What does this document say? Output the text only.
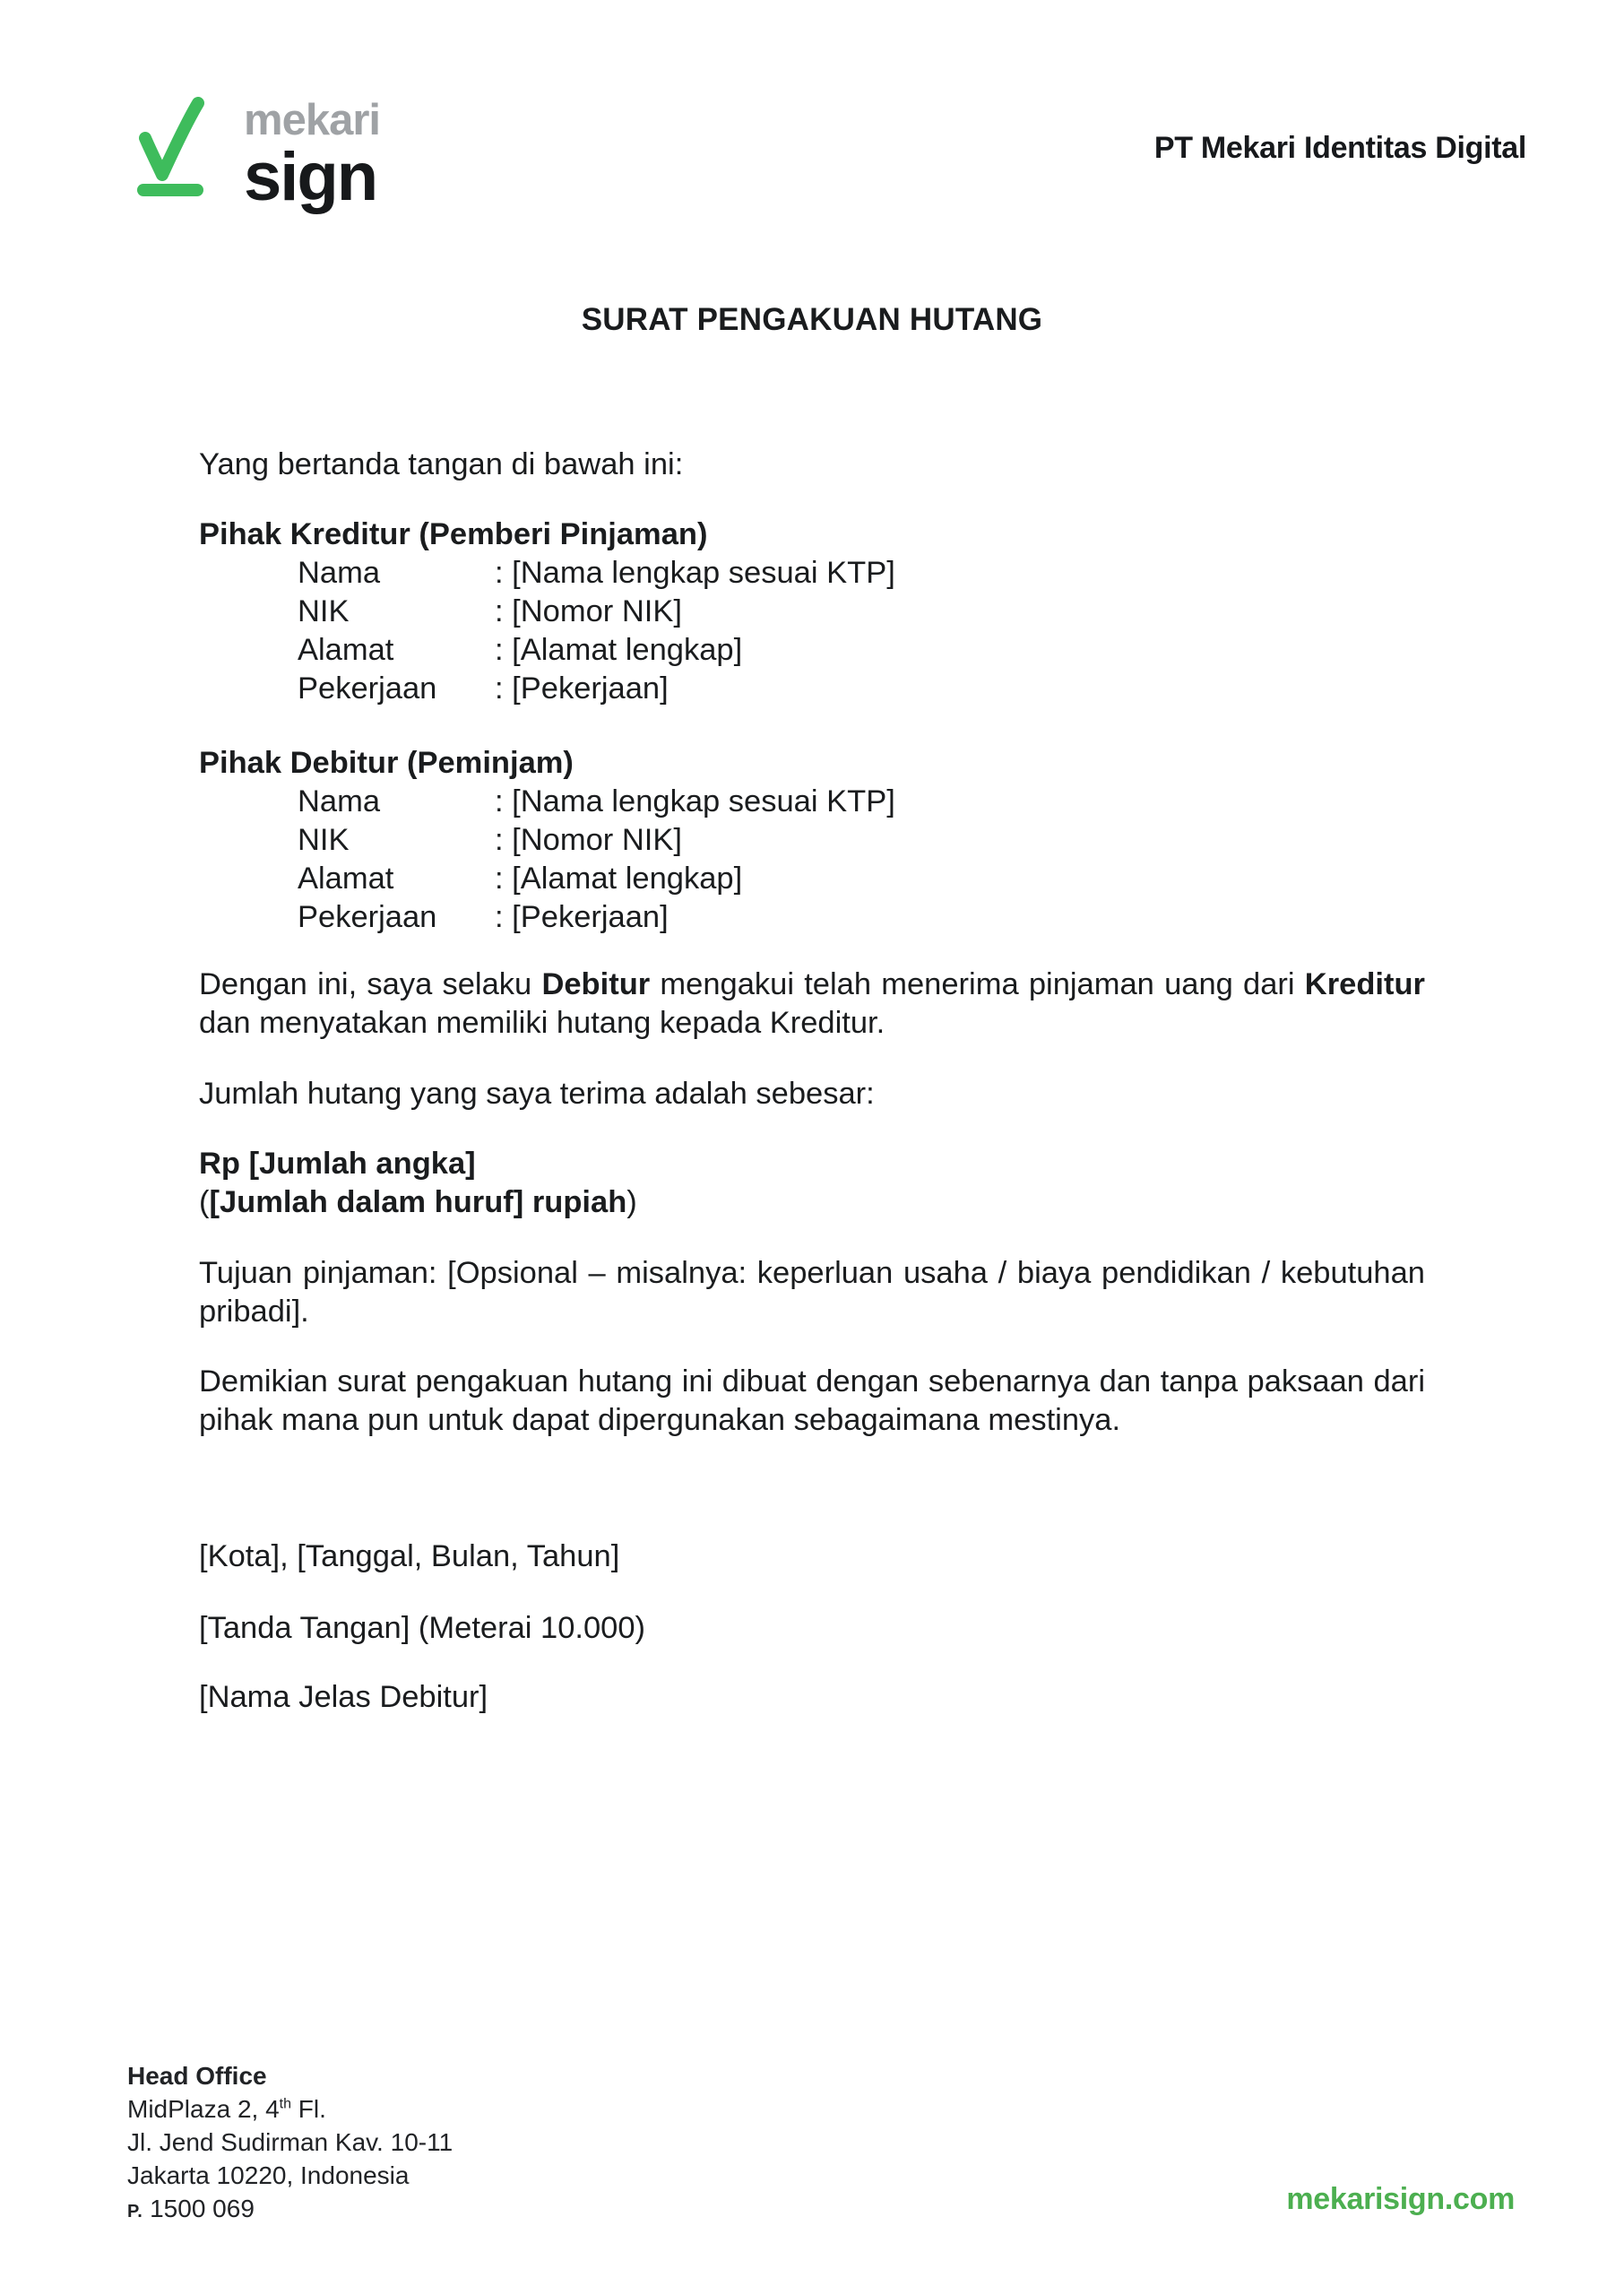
mekari
sign	PT Mekari Identitas Digital
SURAT PENGAKUAN HUTANG

Yang bertanda tangan di bawah ini:

Pihak Kreditur (Pemberi Pinjaman)
Nama	: [Nama lengkap sesuai KTP]
NIK	: [Nomor NIK]
Alamat	: [Alamat lengkap]
Pekerjaan	: [Pekerjaan]
Pihak Debitur (Peminjam)
Nama	: [Nama lengkap sesuai KTP]
NIK	: [Nomor NIK]
Alamat	: [Alamat lengkap]
Pekerjaan	: [Pekerjaan]

Dengan ini, saya selaku Debitur mengakui telah menerima pinjaman uang dari Kreditur dan menyatakan memiliki hutang kepada Kreditur.

Jumlah hutang yang saya terima adalah sebesar:

Rp [Jumlah angka]
([Jumlah dalam huruf] rupiah)

Tujuan pinjaman: [Opsional – misalnya: keperluan usaha / biaya pendidikan / kebutuhan pribadi].

Demikian surat pengakuan hutang ini dibuat dengan sebenarnya dan tanpa paksaan dari pihak mana pun untuk dapat dipergunakan sebagaimana mestinya.

[Kota], [Tanggal, Bulan, Tahun]

[Tanda Tangan] (Meterai 10.000)

[Nama Jelas Debitur]

Head Office
MidPlaza 2, 4th Fl.
Jl. Jend Sudirman Kav. 10-11
Jakarta 10220, Indonesia
P. 1500 069	mekarisign.com
